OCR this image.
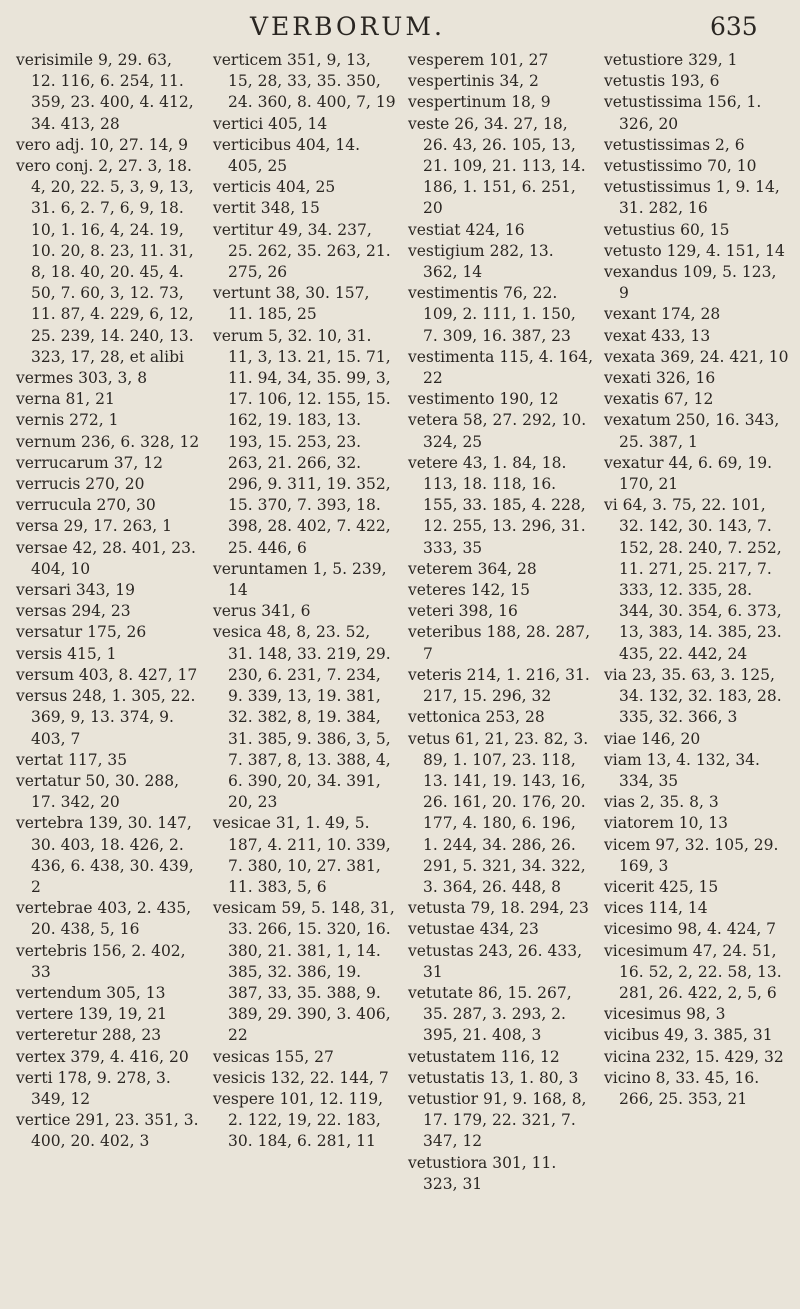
VERBORUM.	635

verisimile 9, 29. 63, 12. 116, 6. 254, 11. 359, 23. 400, 4. 412, 34. 413, 28

vero adj. 10, 27. 14, 9

vero conj. 2, 27. 3, 18. 4, 20, 22. 5, 3, 9, 13, 31. 6, 2. 7, 6, 9, 18. 10, 1. 16, 4, 24. 19, 10. 20, 8. 23, 11. 31, 8, 18. 40, 20. 45, 4. 50, 7. 60, 3, 12. 73, 11. 87, 4. 229, 6, 12, 25. 239, 14. 240, 13. 323, 17, 28, et alibi

vermes 303, 3, 8

verna 81, 21

vernis 272, 1

vernum 236, 6. 328, 12

verrucarum 37, 12

verrucis 270, 20

verrucula 270, 30

versa 29, 17. 263, 1

versae 42, 28. 401, 23. 404, 10

versari 343, 19

versas 294, 23

versatur 175, 26

versis 415, 1

versum 403, 8. 427, 17

versus 248, 1. 305, 22. 369, 9, 13. 374, 9. 403, 7

vertat 117, 35

vertatur 50, 30. 288, 17. 342, 20

vertebra 139, 30. 147, 30. 403, 18. 426, 2. 436, 6. 438, 30. 439, 2

vertebrae 403, 2. 435, 20. 438, 5, 16

vertebris 156, 2. 402, 33

vertendum 305, 13

vertere 139, 19, 21

verteretur 288, 23

vertex 379, 4. 416, 20

verti 178, 9. 278, 3. 349, 12

vertice 291, 23. 351, 3. 400, 20. 402, 3

verticem 351, 9, 13, 15, 28, 33, 35. 350, 24. 360, 8. 400, 7, 19

vertici 405, 14

verticibus 404, 14. 405, 25

verticis 404, 25

vertit 348, 15

vertitur 49, 34. 237, 25. 262, 35. 263, 21. 275, 26

vertunt 38, 30. 157, 11. 185, 25

verum 5, 32. 10, 31. 11, 3, 13. 21, 15. 71, 11. 94, 34, 35. 99, 3, 17. 106, 12. 155, 15. 162, 19. 183, 13. 193, 15. 253, 23. 263, 21. 266, 32. 296, 9. 311, 19. 352, 15. 370, 7. 393, 18. 398, 28. 402, 7. 422, 25. 446, 6

veruntamen 1, 5. 239, 14

verus 341, 6

vesica 48, 8, 23. 52, 31. 148, 33. 219, 29. 230, 6. 231, 7. 234, 9. 339, 13, 19. 381, 32. 382, 8, 19. 384, 31. 385, 9. 386, 3, 5, 7. 387, 8, 13. 388, 4, 6. 390, 20, 34. 391, 20, 23

vesicae 31, 1. 49, 5. 187, 4. 211, 10. 339, 7. 380, 10, 27. 381, 11. 383, 5, 6

vesicam 59, 5. 148, 31, 33. 266, 15. 320, 16. 380, 21. 381, 1, 14. 385, 32. 386, 19. 387, 33, 35. 388, 9. 389, 29. 390, 3. 406, 22

vesicas 155, 27

vesicis 132, 22. 144, 7

vespere 101, 12. 119, 2. 122, 19, 22. 183, 30. 184, 6. 281, 11

vesperem 101, 27

vespertinis 34, 2

vespertinum 18, 9

veste 26, 34. 27, 18, 26. 43, 26. 105, 13, 21. 109, 21. 113, 14. 186, 1. 151, 6. 251, 20

vestiat 424, 16

vestigium 282, 13. 362, 14

vestimentis 76, 22. 109, 2. 111, 1. 150, 7. 309, 16. 387, 23

vestimenta 115, 4. 164, 22

vestimento 190, 12

vetera 58, 27. 292, 10. 324, 25

vetere 43, 1. 84, 18. 113, 18. 118, 16. 155, 33. 185, 4. 228, 12. 255, 13. 296, 31. 333, 35

veterem 364, 28

veteres 142, 15

veteri 398, 16

veteribus 188, 28. 287, 7

veteris 214, 1. 216, 31. 217, 15. 296, 32

vettonica 253, 28

vetus 61, 21, 23. 82, 3. 89, 1. 107, 23. 118, 13. 141, 19. 143, 16, 26. 161, 20. 176, 20. 177, 4. 180, 6. 196, 1. 244, 34. 286, 26. 291, 5. 321, 34. 322, 3. 364, 26. 448, 8

vetusta 79, 18. 294, 23

vetustae 434, 23

vetustas 243, 26. 433, 31

vetutate 86, 15. 267, 35. 287, 3. 293, 2. 395, 21. 408, 3

vetustatem 116, 12

vetustatis 13, 1. 80, 3

vetustior 91, 9. 168, 8, 17. 179, 22. 321, 7. 347, 12

vetustiora 301, 11. 323, 31

vetustiore 329, 1

vetustis 193, 6

vetustissima 156, 1. 326, 20

vetustissimas 2, 6

vetustissimo 70, 10

vetustissimus 1, 9. 14, 31. 282, 16

vetustius 60, 15

vetusto 129, 4. 151, 14

vexandus 109, 5. 123, 9

vexant 174, 28

vexat 433, 13

vexata 369, 24. 421, 10

vexati 326, 16

vexatis 67, 12

vexatum 250, 16. 343, 25. 387, 1

vexatur 44, 6. 69, 19. 170, 21

vi 64, 3. 75, 22. 101, 32. 142, 30. 143, 7. 152, 28. 240, 7. 252, 11. 271, 25. 217, 7. 333, 12. 335, 28. 344, 30. 354, 6. 373, 13, 383, 14. 385, 23. 435, 22. 442, 24

via 23, 35. 63, 3. 125, 34. 132, 32. 183, 28. 335, 32. 366, 3

viae 146, 20

viam 13, 4. 132, 34. 334, 35

vias 2, 35. 8, 3

viatorem 10, 13

vicem 97, 32. 105, 29. 169, 3

vicerit 425, 15

vices 114, 14

vicesimo 98, 4. 424, 7

vicesimum 47, 24. 51, 16. 52, 2, 22. 58, 13. 281, 26. 422, 2, 5, 6

vicesimus 98, 3

vicibus 49, 3. 385, 31

vicina 232, 15. 429, 32

vicino 8, 33. 45, 16. 266, 25. 353, 21
